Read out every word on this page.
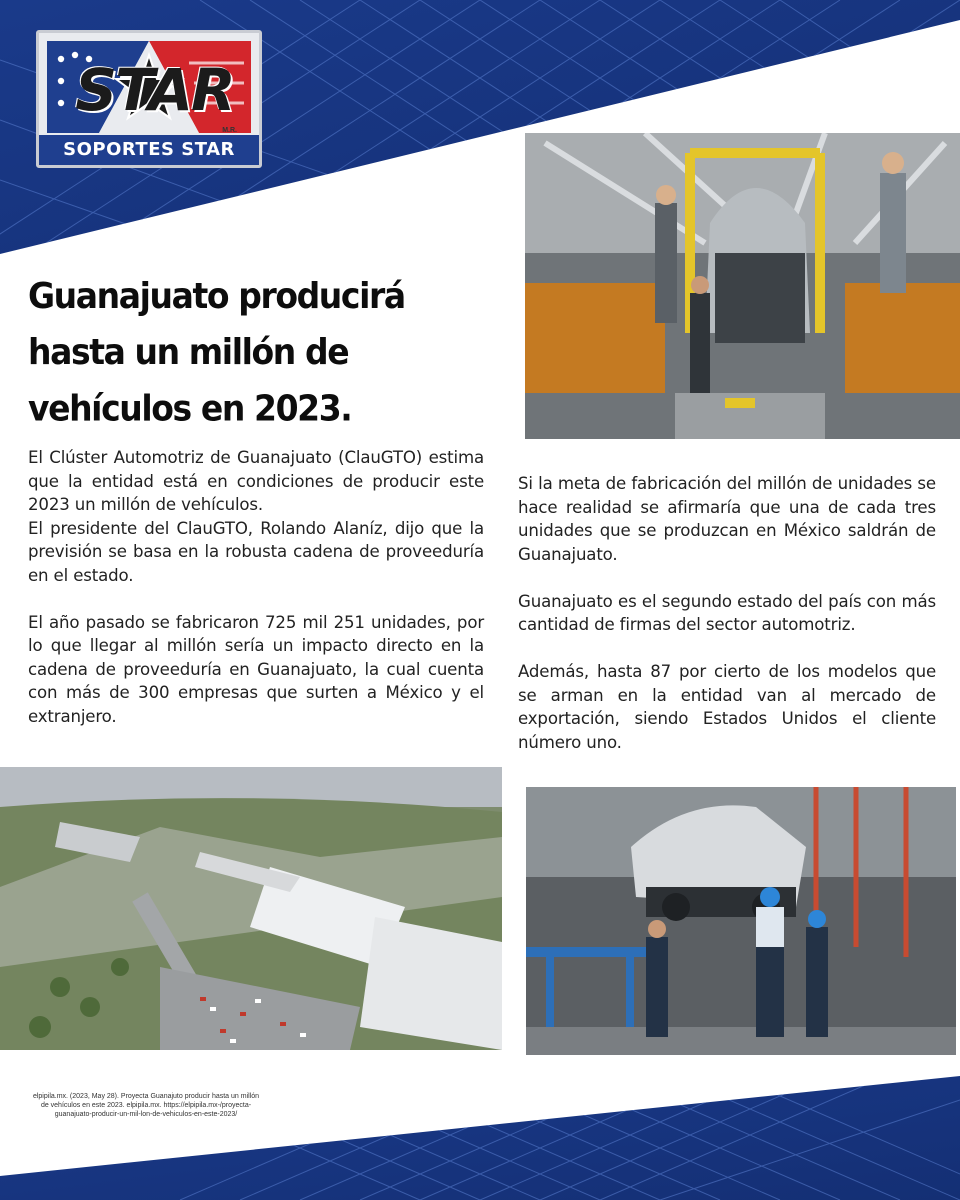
STAR
M.R.
SOPORTES STAR
Guanajuato producirá hasta un millón de vehículos en 2023.

El Clúster Automotriz de Guanajuato (ClauGTO) estima que la entidad está en condiciones de producir este 2023 un millón de vehículos.
El presidente del ClauGTO, Rolando Alaníz, dijo que la previsión se basa en la robusta cadena de proveeduría en el estado.

El año pasado se fabricaron 725 mil 251 unidades, por lo que llegar al millón sería un impacto directo en la cadena de proveeduría en Guanajuato, la cual cuenta con más de 300 empresas que surten a México y el extranjero.

Si la meta de fabricación del millón de unidades se hace realidad se afirmaría que una de cada tres unidades que se produzcan en México saldrán de Guanajuato.

Guanajuato es el segundo estado del país con más cantidad de firmas del sector automotriz.

Además, hasta 87 por cierto de los modelos que se arman en la entidad van al mercado de exportación, siendo Estados Unidos el cliente número uno.

elpipila.mx. (2023, May 28). Proyecta Guanajuto producir hasta un millón de vehículos en este 2023. elpipila.mx. https://elpipila.mx-/proyecta-guanajuato-producir-un-mil-lon-de-vehiculos-en-este-2023/
